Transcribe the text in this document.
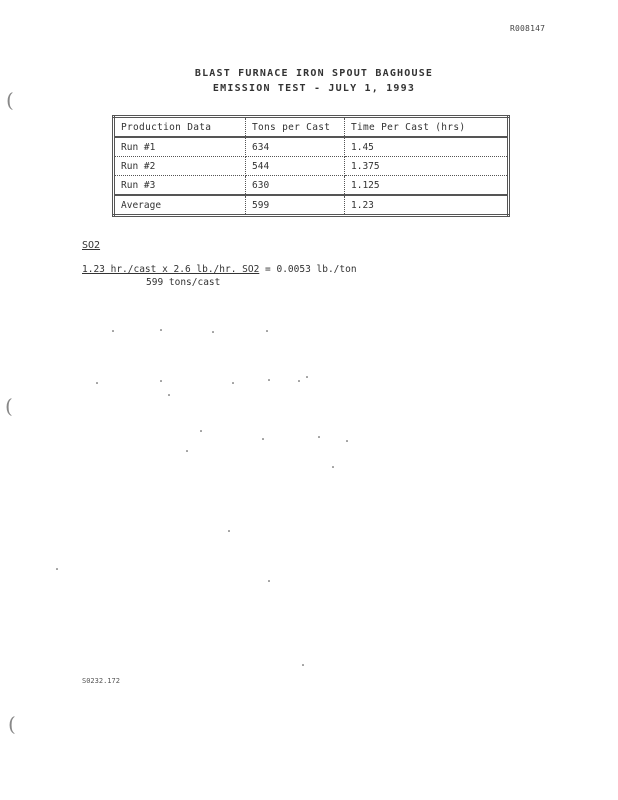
R008147
BLAST FURNACE IRON SPOUT BAGHOUSE
EMISSION TEST - JULY 1, 1993
Production Data	Tons per Cast	Time Per Cast (hrs)
Run #1	634	1.45
Run #2	544	1.375
Run #3	630	1.125
Average	599	1.23
SO2
1.23 hr./cast x 2.6 lb./hr. SO2 = 0.0053 lb./ton
599 tons/cast
S0232.172
(
(
(
